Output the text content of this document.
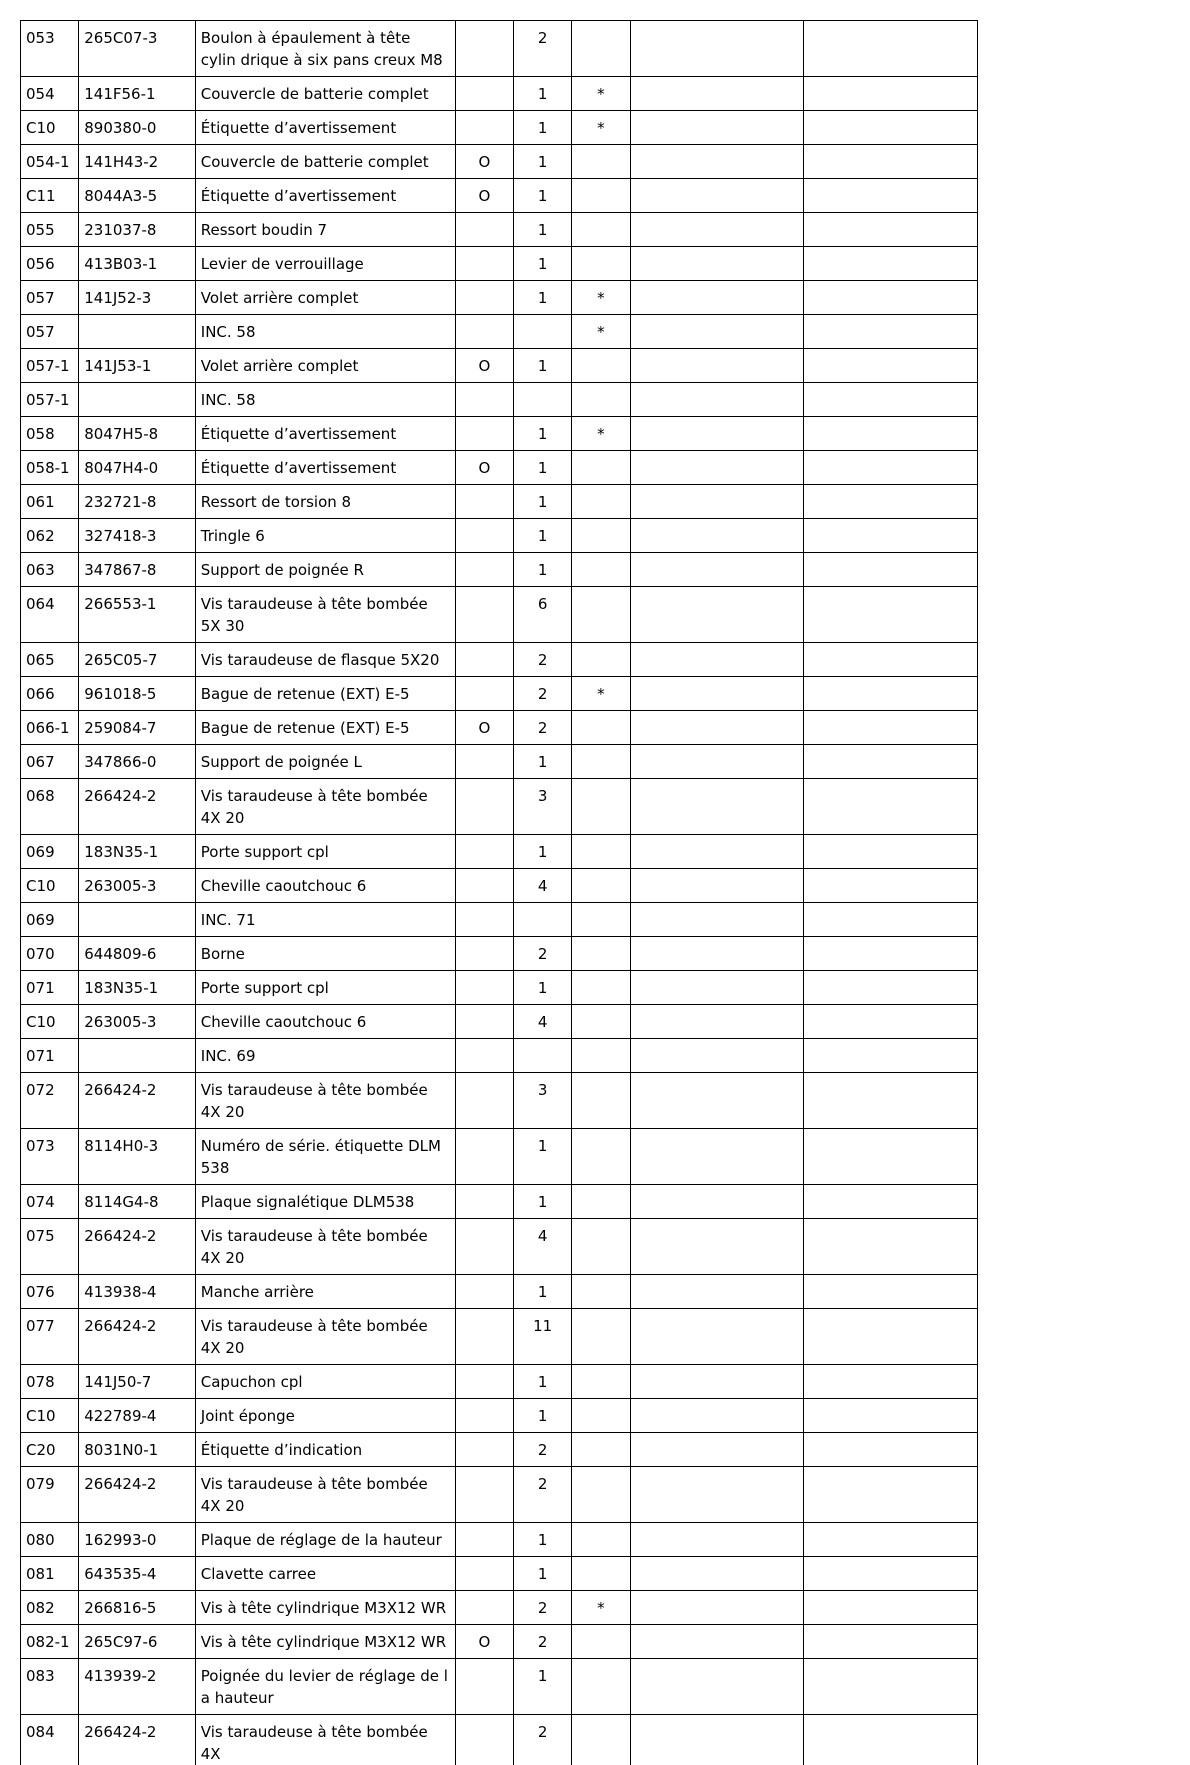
053	265C07-3	Boulon à épaulement à tête cylin drique à six pans creux M8		2			
054	141F56-1	Couvercle de batterie complet		1	*		
C10	890380-0	Étiquette d’avertissement		1	*		
054-1	141H43-2	Couvercle de batterie complet	O	1			
C11	8044A3-5	Étiquette d’avertissement	O	1			
055	231037-8	Ressort boudin 7		1			
056	413B03-1	Levier de verrouillage		1			
057	141J52-3	Volet arrière complet		1	*		
057		INC. 58			*		
057-1	141J53-1	Volet arrière complet	O	1			
057-1		INC. 58					
058	8047H5-8	Étiquette d’avertissement		1	*		
058-1	8047H4-0	Étiquette d’avertissement	O	1			
061	232721-8	Ressort de torsion 8		1			
062	327418-3	Tringle 6		1			
063	347867-8	Support de poignée R		1			
064	266553-1	Vis taraudeuse à tête bombée 5X 30		6			
065	265C05-7	Vis taraudeuse de flasque 5X20		2			
066	961018-5	Bague de retenue (EXT) E-5		2	*		
066-1	259084-7	Bague de retenue (EXT) E-5	O	2			
067	347866-0	Support de poignée L		1			
068	266424-2	Vis taraudeuse à tête bombée 4X 20		3			
069	183N35-1	Porte support cpl		1			
C10	263005-3	Cheville caoutchouc 6		4			
069		INC. 71					
070	644809-6	Borne		2			
071	183N35-1	Porte support cpl		1			
C10	263005-3	Cheville caoutchouc 6		4			
071		INC. 69					
072	266424-2	Vis taraudeuse à tête bombée 4X 20		3			
073	8114H0-3	Numéro de série. étiquette DLM 538		1			
074	8114G4-8	Plaque signalétique DLM538		1			
075	266424-2	Vis taraudeuse à tête bombée 4X 20		4			
076	413938-4	Manche arrière		1			
077	266424-2	Vis taraudeuse à tête bombée 4X 20		11			
078	141J50-7	Capuchon cpl		1			
C10	422789-4	Joint éponge		1			
C20	8031N0-1	Étiquette d’indication		2			
079	266424-2	Vis taraudeuse à tête bombée 4X 20		2			
080	162993-0	Plaque de réglage de la hauteur		1			
081	643535-4	Clavette carree		1			
082	266816-5	Vis à tête cylindrique M3X12 WR		2	*		
082-1	265C97-6	Vis à tête cylindrique M3X12 WR	O	2			
083	413939-2	Poignée du levier de réglage de l a hauteur		1			
084	266424-2	Vis taraudeuse à tête bombée 4X		2			
